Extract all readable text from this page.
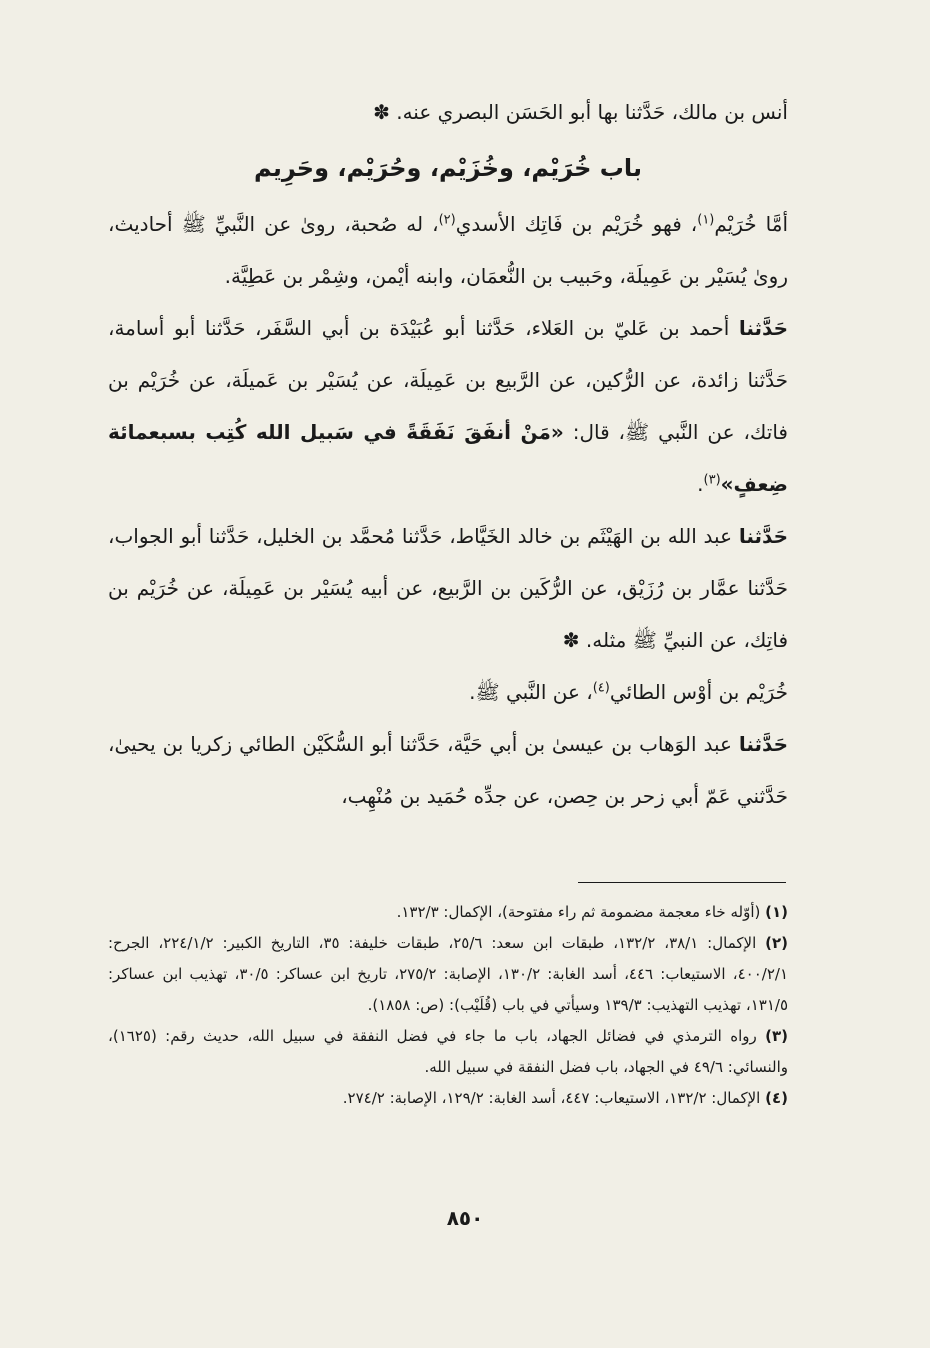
أنس بن مالك، حَدَّثنا بها أبو الحَسَن البصري عنه. ✽

باب خُرَيْم، وخُزَيْم، وحُرَيْم، وحَرِيم

أمَّا خُرَيْم$^{(١)}$، فهو خُرَيْم بن فَاتِك الأسدي$^{(٢)}$، له صُحبة، روىٰ عن النَّبيِّ ﷺ أحاديث، روىٰ يُسَيْر بن عَمِيلَة، وحَبيب بن النُّعمَان، وابنه أيْمن، وشِمْر بن عَطِيَّة.

حَدَّثنا أحمد بن عَليّ بن العَلاء، حَدَّثنا أبو عُبَيْدَة بن أبي السَّفَر، حَدَّثنا أبو أسامة، حَدَّثنا زائدة، عن الرُّكين، عن الرَّبيع بن عَمِيلَة، عن يُسَيْر بن عَميلَة، عن خُرَيْم بن فاتك، عن النَّبي ﷺ، قال: «مَنْ أنفَقَ نَفَقَةً في سَبيل الله كُتِب بسبعمائة ضِعفٍ»$^{(٣)}$.

حَدَّثنا عبد الله بن الهَيْثَم بن خالد الخَيَّاط، حَدَّثنا مُحمَّد بن الخليل، حَدَّثنا أبو الجواب، حَدَّثنا عمَّار بن رُزَيْق، عن الرُّكَين بن الرَّبيع، عن أبيه يُسَيْر بن عَمِيلَة، عن خُرَيْم بن فاتِك، عن النبيِّ ﷺ مثله. ✽

خُرَيْم بن أوْس الطائي$^{(٤)}$، عن النَّبي ﷺ.

حَدَّثنا عبد الوَهاب بن عيسىٰ بن أبي حَيَّة، حَدَّثنا أبو السُّكَيْن الطائي زكريا بن يحيىٰ، حَدَّثني عَمّ أبي زحر بن حِصن، عن جدِّه حُمَيد بن مُنْهِب،

(١) (أوّله خاء معجمة مضمومة ثم راء مفتوحة)، الإكمال: ١٣٢/٣.

(٢) الإكمال: ٣٨/١، ١٣٢/٢، طبقات ابن سعد: ٢٥/٦، طبقات خليفة: ٣٥، التاريخ الكبير: ٢٢٤/١/٢، الجرح: ٤٠٠/٢/١، الاستيعاب: ٤٤٦، أسد الغابة: ١٣٠/٢، الإصابة: ٢٧٥/٢، تاريخ ابن عساكر: ٣٠/٥، تهذيب ابن عساكر: ١٣١/٥، تهذيب التهذيب: ١٣٩/٣ وسيأتي في باب (قُلَيْب): (ص: ١٨٥٨).

(٣) رواه الترمذي في فضائل الجهاد، باب ما جاء في فضل النفقة في سبيل الله، حديث رقم: (١٦٢٥)، والنسائي: ٤٩/٦ في الجهاد، باب فضل النفقة في سبيل الله.

(٤) الإكمال: ١٣٢/٢، الاستيعاب: ٤٤٧، أسد الغابة: ١٢٩/٢، الإصابة: ٢٧٤/٢.

٨٥٠
